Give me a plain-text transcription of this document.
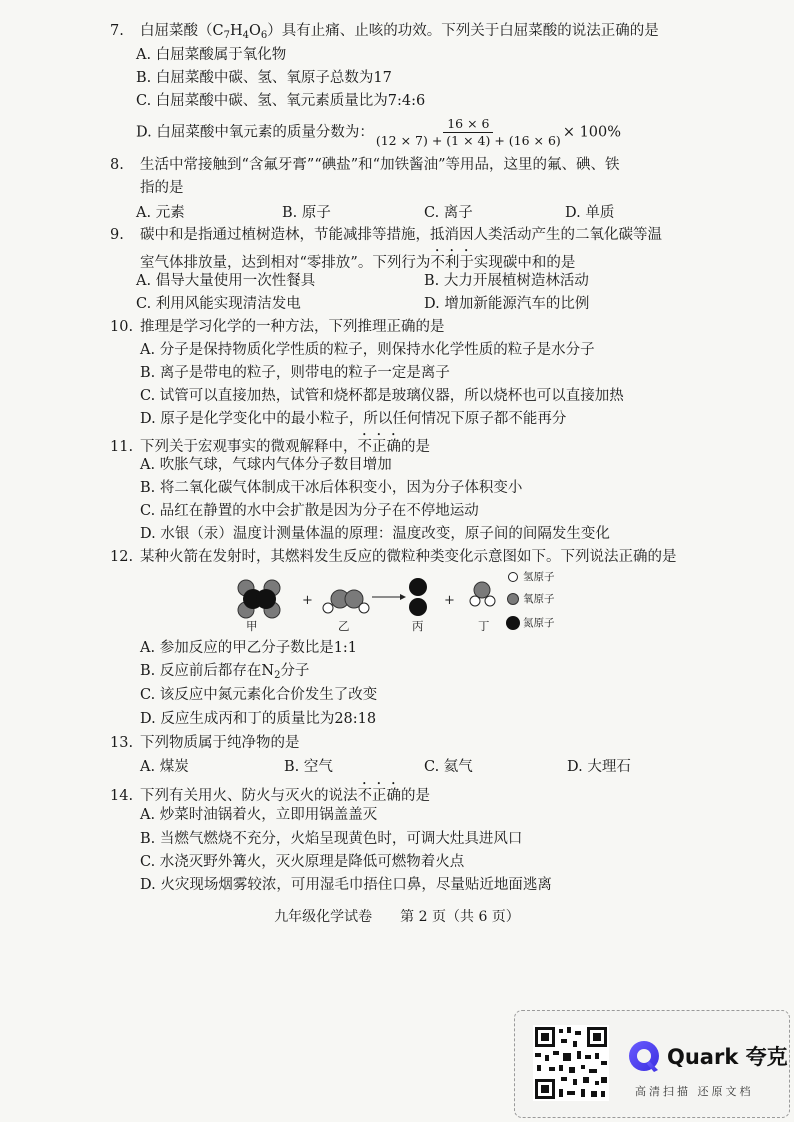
7. 白屈菜酸$(C_7H_4O_6)$具有止痛、止咳的功效。下列关于白屈菜酸的说法正确的是
A. 白屈菜酸属于氧化物
B. 白屈菜酸中碳、氢、氧原子总数为17
C. 白屈菜酸中碳、氢、氧元素质量比为7:4:6
D. 白屈菜酸中氧元素的质量分数为： $\frac{16 \times 6}{(12 \times 7) + (1 \times 4) + (16 \times 6)} \times 100\%$
8. 生活中常接触到“含氟牙膏”“碘盐”和“加铁酱油”等用品，这里的氟、碘、铁
指的是
A. 元素	B. 原子	C. 离子	D. 单质
9. 碳中和是指通过植树造林，节能减排等措施，抵消因人类活动产生的二氧化碳等温
室气体排放量，达到相对“零排放”。下列行为不利于实现碳中和的是
A. 倡导大量使用一次性餐具	B. 大力开展植树造林活动
C. 利用风能实现清洁发电	D. 增加新能源汽车的比例
10. 推理是学习化学的一种方法，下列推理正确的是
A. 分子是保持物质化学性质的粒子，则保持水化学性质的粒子是水分子
B. 离子是带电的粒子，则带电的粒子一定是离子
C. 试管可以直接加热，试管和烧杯都是玻璃仪器，所以烧杯也可以直接加热
D. 原子是化学变化中的最小粒子，所以任何情况下原子都不能再分
11. 下列关于宏观事实的微观解释中，不正确的是
A. 吹胀气球，气球内气体分子数目增加
B. 将二氧化碳气体制成干冰后体积变小，因为分子体积变小
C. 品红在静置的水中会扩散是因为分子在不停地运动
D. 水银（汞）温度计测量体温的原理：温度改变，原子间的间隔发生变化
12. 某种火箭在发射时，其燃料发生反应的微粒种类变化示意图如下。下列说法正确的是
+	+
氢原子
氧原子
氮原子
甲	乙	丙	丁
A. 参加反应的甲乙分子数比是1:1
B. 反应前后都存在$N_2$分子
C. 该反应中氮元素化合价发生了改变
D. 反应生成丙和丁的质量比为28:18
13. 下列物质属于纯净物的是
A. 煤炭	B. 空气	C. 氦气	D. 大理石
14. 下列有关用火、防火与灭火的说法不正确的是
A. 炒菜时油锅着火，立即用锅盖盖灭
B. 当燃气燃烧不充分，火焰呈现黄色时，可调大灶具进风口
C. 水浇灭野外篝火，灭火原理是降低可燃物着火点
D. 火灾现场烟雾较浓，可用湿毛巾捂住口鼻，尽量贴近地面逃离
九年级化学试卷　　第 2 页（共 6 页）
Quark 夸克
高清扫描 还原文档
